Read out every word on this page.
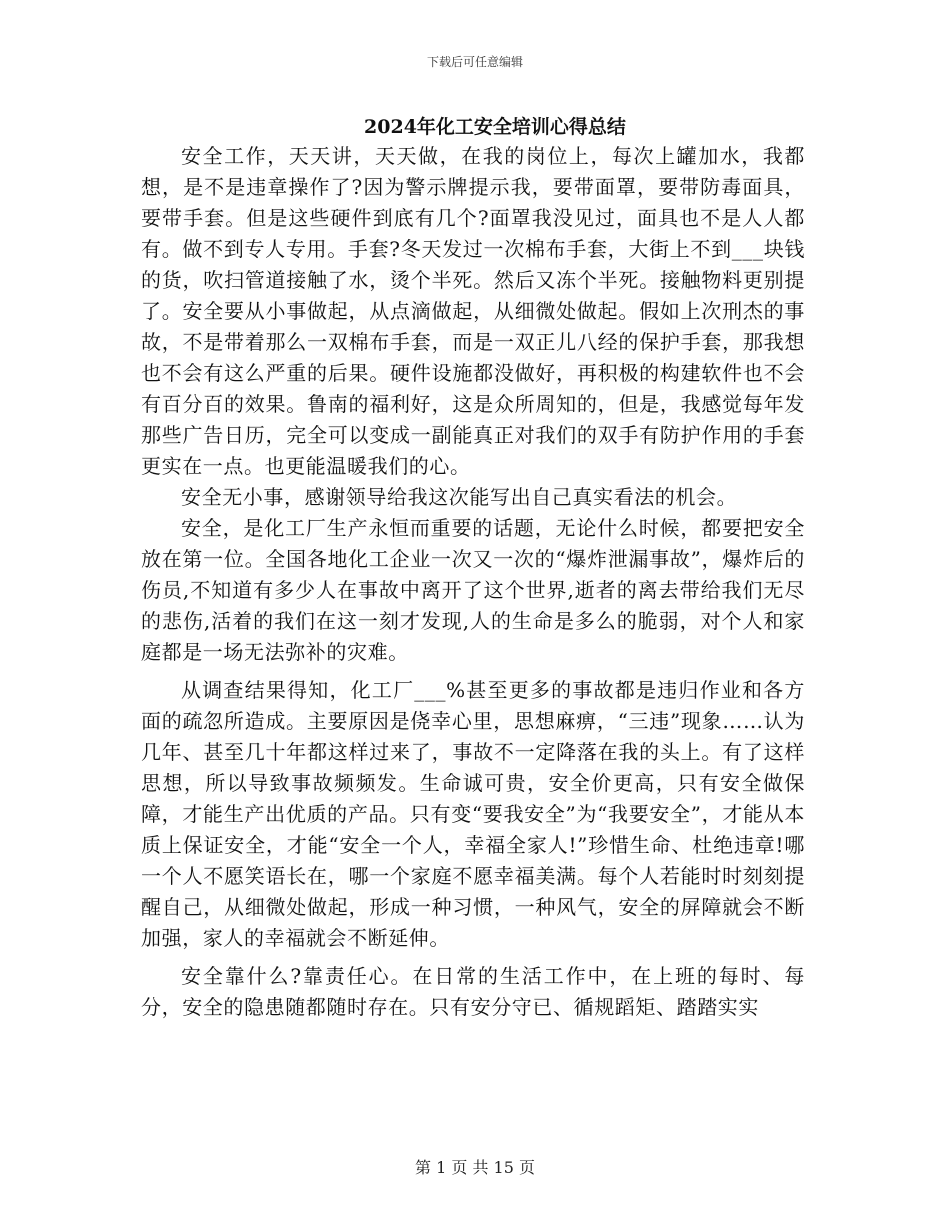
下载后可任意编辑
2024年化工安全培训心得总结

安全工作，天天讲，天天做，在我的岗位上，每次上罐加水，我都想，是不是违章操作了?因为警示牌提示我，要带面罩，要带防毒面具，要带手套。但是这些硬件到底有几个?面罩我没见过，面具也不是人人都有。做不到专人专用。手套?冬天发过一次棉布手套，大街上不到___块钱的货，吹扫管道接触了水，烫个半死。然后又冻个半死。接触物料更别提了。安全要从小事做起，从点滴做起，从细微处做起。假如上次刑杰的事故，不是带着那么一双棉布手套，而是一双正儿八经的保护手套，那我想也不会有这么严重的后果。硬件设施都没做好，再积极的构建软件也不会有百分百的效果。鲁南的福利好，这是众所周知的，但是，我感觉每年发那些广告日历，完全可以变成一副能真正对我们的双手有防护作用的手套更实在一点。也更能温暖我们的心。

安全无小事，感谢领导给我这次能写出自己真实看法的机会。

安全，是化工厂生产永恒而重要的话题，无论什么时候，都要把安全放在第一位。全国各地化工企业一次又一次的“爆炸泄漏事故”，爆炸后的伤员,不知道有多少人在事故中离开了这个世界,逝者的离去带给我们无尽的悲伤,活着的我们在这一刻才发现,人的生命是多么的脆弱，对个人和家庭都是一场无法弥补的灾难。

从调查结果得知，化工厂___%甚至更多的事故都是违归作业和各方面的疏忽所造成。主要原因是侥幸心里，思想麻痹，“三违”现象……认为几年、甚至几十年都这样过来了，事故不一定降落在我的头上。有了这样思想，所以导致事故频频发。生命诚可贵，安全价更高，只有安全做保障，才能生产出优质的产品。只有变“要我安全”为“我要安全”，才能从本质上保证安全，才能“安全一个人，幸福全家人!”珍惜生命、杜绝违章!哪一个人不愿笑语长在，哪一个家庭不愿幸福美满。每个人若能时时刻刻提醒自己，从细微处做起，形成一种习惯，一种风气，安全的屏障就会不断加强，家人的幸福就会不断延伸。

安全靠什么?靠责任心。在日常的生活工作中，在上班的每时、每分，安全的隐患随都随时存在。只有安分守已、循规蹈矩、踏踏实实

第 1 页 共 15 页
